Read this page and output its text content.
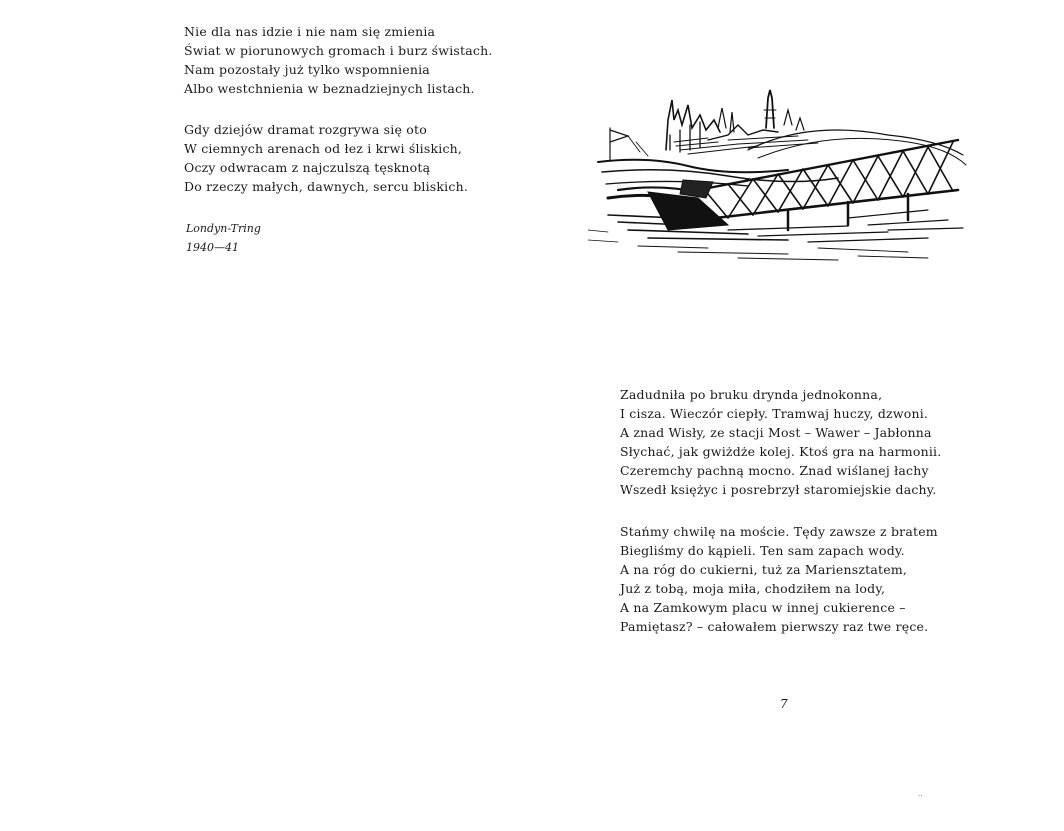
Nie dla nas idzie i nie nam się zmienia
Świat w piorunowych gromach i burz świstach.
Nam pozostały już tylko wspomnienia
Albo westchnienia w beznadziejnych listach.
Gdy dziejów dramat rozgrywa się oto
W ciemnych arenach od łez i krwi śliskich,
Oczy odwracam z najczulszą tęsknotą
Do rzeczy małych, dawnych, sercu bliskich.
Londyn-Tring
1940—41
Zadudniła po bruku dryndа jednokonna,
I cisza. Wieczór ciepły. Tramwaj huczy, dzwoni.
A znad Wisły, ze stacji Most – Wawer – Jabłonna
Słychać, jak gwiżdże kolej. Ktoś gra na harmonii.
Czeremchy pachną mocno. Znad wiślanej łachy
Wszedł księżyc i posrebrzył staromiejskie dachy.
Stańmy chwilę na moście. Tędy zawsze z bratem
Biegliśmy do kąpieli. Ten sam zapach wody.
A na róg do cukierni, tuż za Mariensztatem,
Już z tobą, moja miła, chodziłem na lody,
A na Zamkowym placu w innej cukierence –
Pamiętasz? – całowałem pierwszy raz twe ręce.
7
..
